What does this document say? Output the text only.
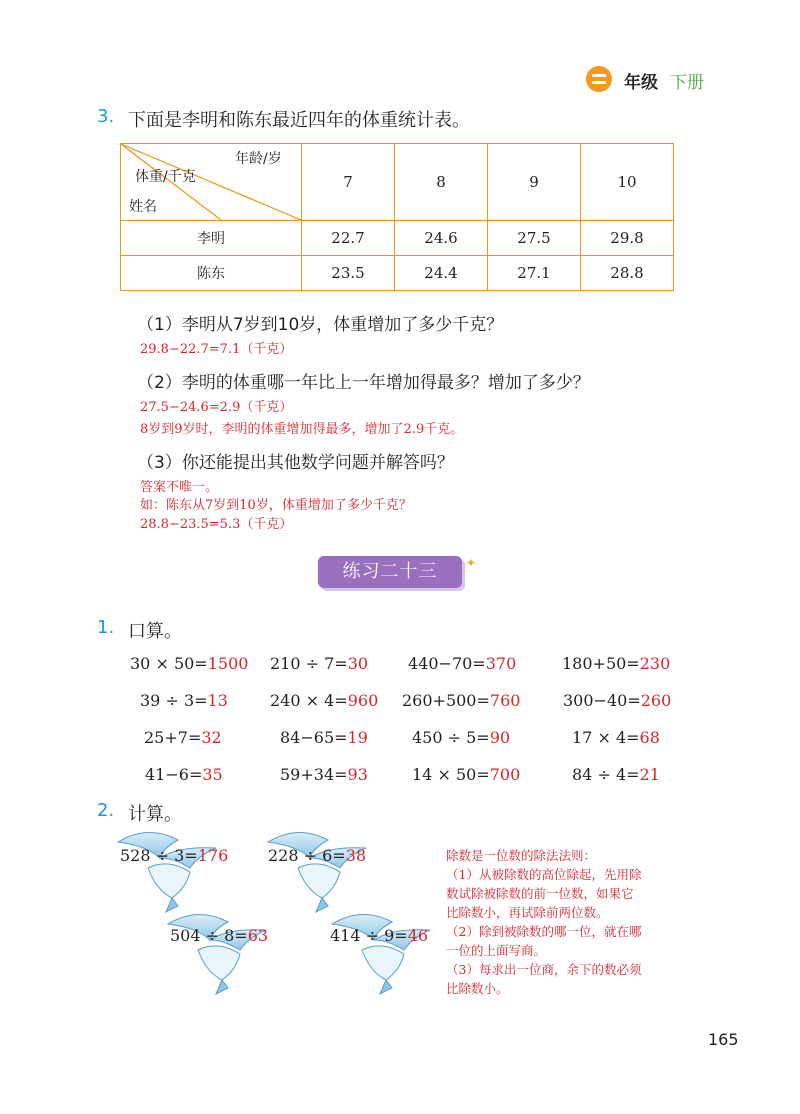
年级 下册
3. 下面是李明和陈东最近四年的体重统计表。
年龄/岁
体重/千克
姓名	7	8	9	10
李明	22.7	24.6	27.5	29.8
陈东	23.5	24.4	27.1	28.8
（1）李明从7岁到10岁，体重增加了多少千克？
29.8−22.7=7.1（千克）
（2）李明的体重哪一年比上一年增加得最多？增加了多少？
27.5−24.6=2.9（千克）
8岁到9岁时，李明的体重增加得最多，增加了2.9千克。
（3）你还能提出其他数学问题并解答吗？
答案不唯一。
如：陈东从7岁到10岁，体重增加了多少千克？
28.8−23.5=5.3（千克）
练习二十三	✦
1. 口算。
30 × 50=1500 210 ÷ 7=30 440−70=370	180+50=230
39 ÷ 3=13	240 × 4=960 260+500=760	300−40=260
25+7=32	84−65=19	450 ÷ 5=90	17 × 4=68
41−6=35	59+34=93	14 × 50=700	84 ÷ 4=21
2. 计算。
528 ÷ 3=176 228 ÷ 6=38
504 ÷ 8=63	414 ÷ 9=46
除数是一位数的除法法则：
（1）从被除数的高位除起，先用除
数试除被除数的前一位数，如果它
比除数小，再试除前两位数。
（2）除到被除数的哪一位，就在哪
一位的上面写商。
（3）每求出一位商，余下的数必须
比除数小。
165
